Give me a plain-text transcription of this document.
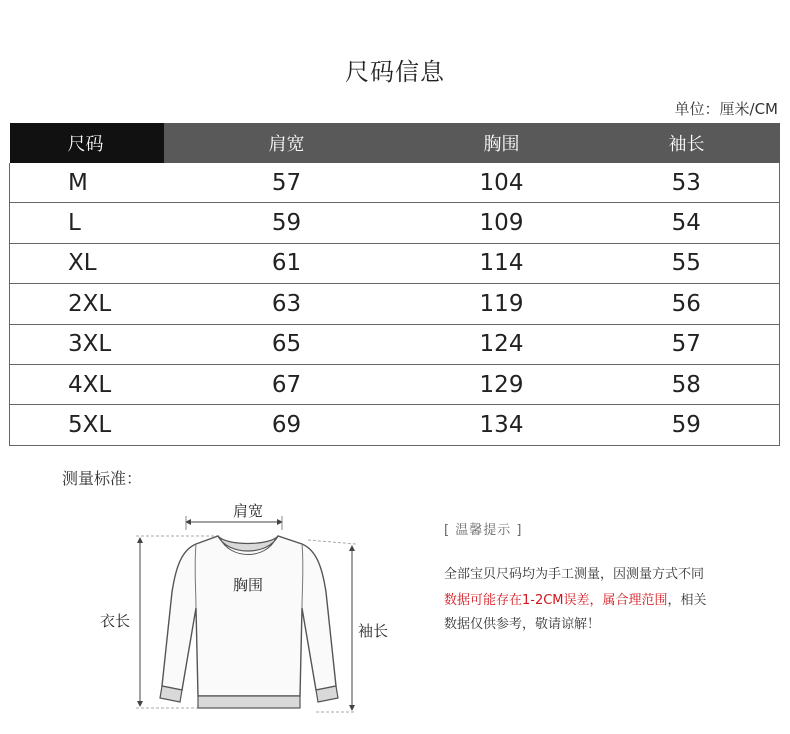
尺码信息
单位：厘米/CM
尺码	肩宽	胸围	袖长
M	57	104	53
L	59	109	54
XL	61	114	55
2XL	63	119	56
3XL	65	124	57
4XL	67	129	58
5XL	69	134	59
测量标准：
肩宽
胸围
衣长
袖长
[ 温馨提示 ]
全部宝贝尺码均为手工测量，因测量方式不同
数据可能存在1-2CM误差，属合理范围，相关
数据仅供参考，敬请谅解！
